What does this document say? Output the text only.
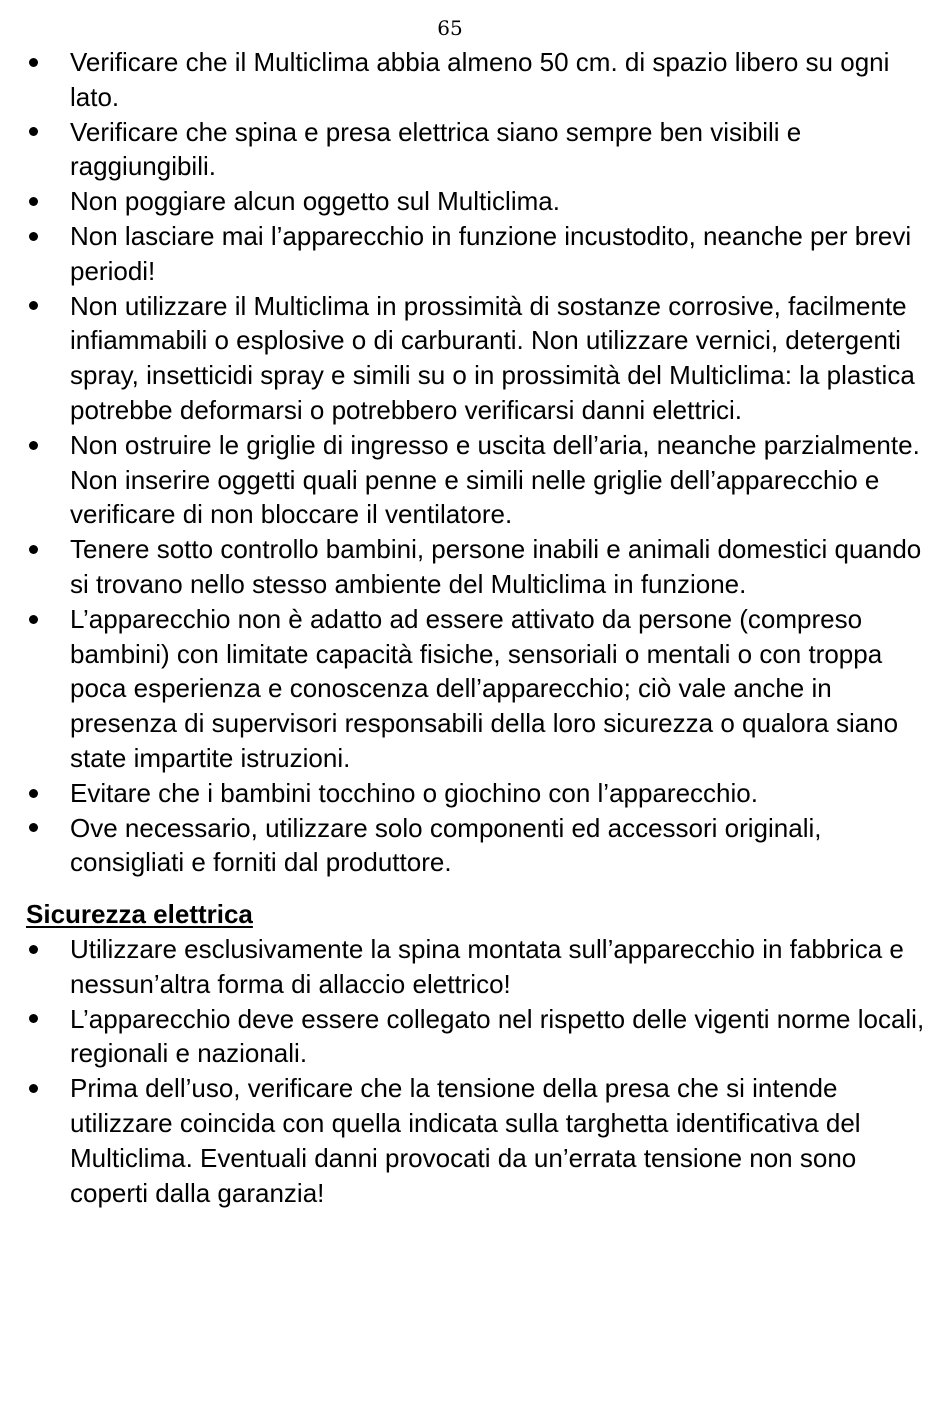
65
Verificare che il Multiclima abbia almeno 50 cm. di spazio libero su ogni lato.
Verificare che spina e presa elettrica siano sempre ben visibili e raggiungibili.
Non poggiare alcun oggetto sul Multiclima.
Non lasciare mai l’apparecchio in funzione incustodito, neanche per brevi periodi!
Non utilizzare il Multiclima in prossimità di sostanze corrosive, facilmente infiammabili o esplosive o di carburanti. Non utilizzare vernici, detergenti spray, insetticidi spray e simili su o in prossimità del Multiclima: la plastica potrebbe deformarsi o potrebbero verificarsi danni elettrici.
Non ostruire le griglie di ingresso e uscita dell’aria, neanche parzialmente. Non inserire oggetti quali penne e simili nelle griglie dell’apparecchio e verificare di non bloccare il ventilatore.
Tenere sotto controllo bambini, persone inabili e animali domestici quando si trovano nello stesso ambiente del Multiclima in funzione.
L’apparecchio non è adatto ad essere attivato da persone (compreso bambini) con limitate capacità fisiche, sensoriali o mentali o con troppa poca esperienza e conoscenza dell’apparecchio; ciò vale anche in presenza di supervisori responsabili della loro sicurezza o qualora siano state impartite istruzioni.
Evitare che i bambini tocchino o giochino con l’apparecchio.
Ove necessario, utilizzare solo componenti ed accessori originali, consigliati e forniti dal produttore.
Sicurezza elettrica
Utilizzare esclusivamente la spina montata sull’apparecchio in fabbrica e nessun’altra forma di allaccio elettrico!
L’apparecchio deve essere collegato nel rispetto delle vigenti norme locali, regionali e nazionali.
Prima dell’uso, verificare che la tensione della presa che si intende utilizzare coincida con quella indicata sulla targhetta identificativa del Multiclima. Eventuali danni provocati da un’errata tensione non sono coperti dalla garanzia!
